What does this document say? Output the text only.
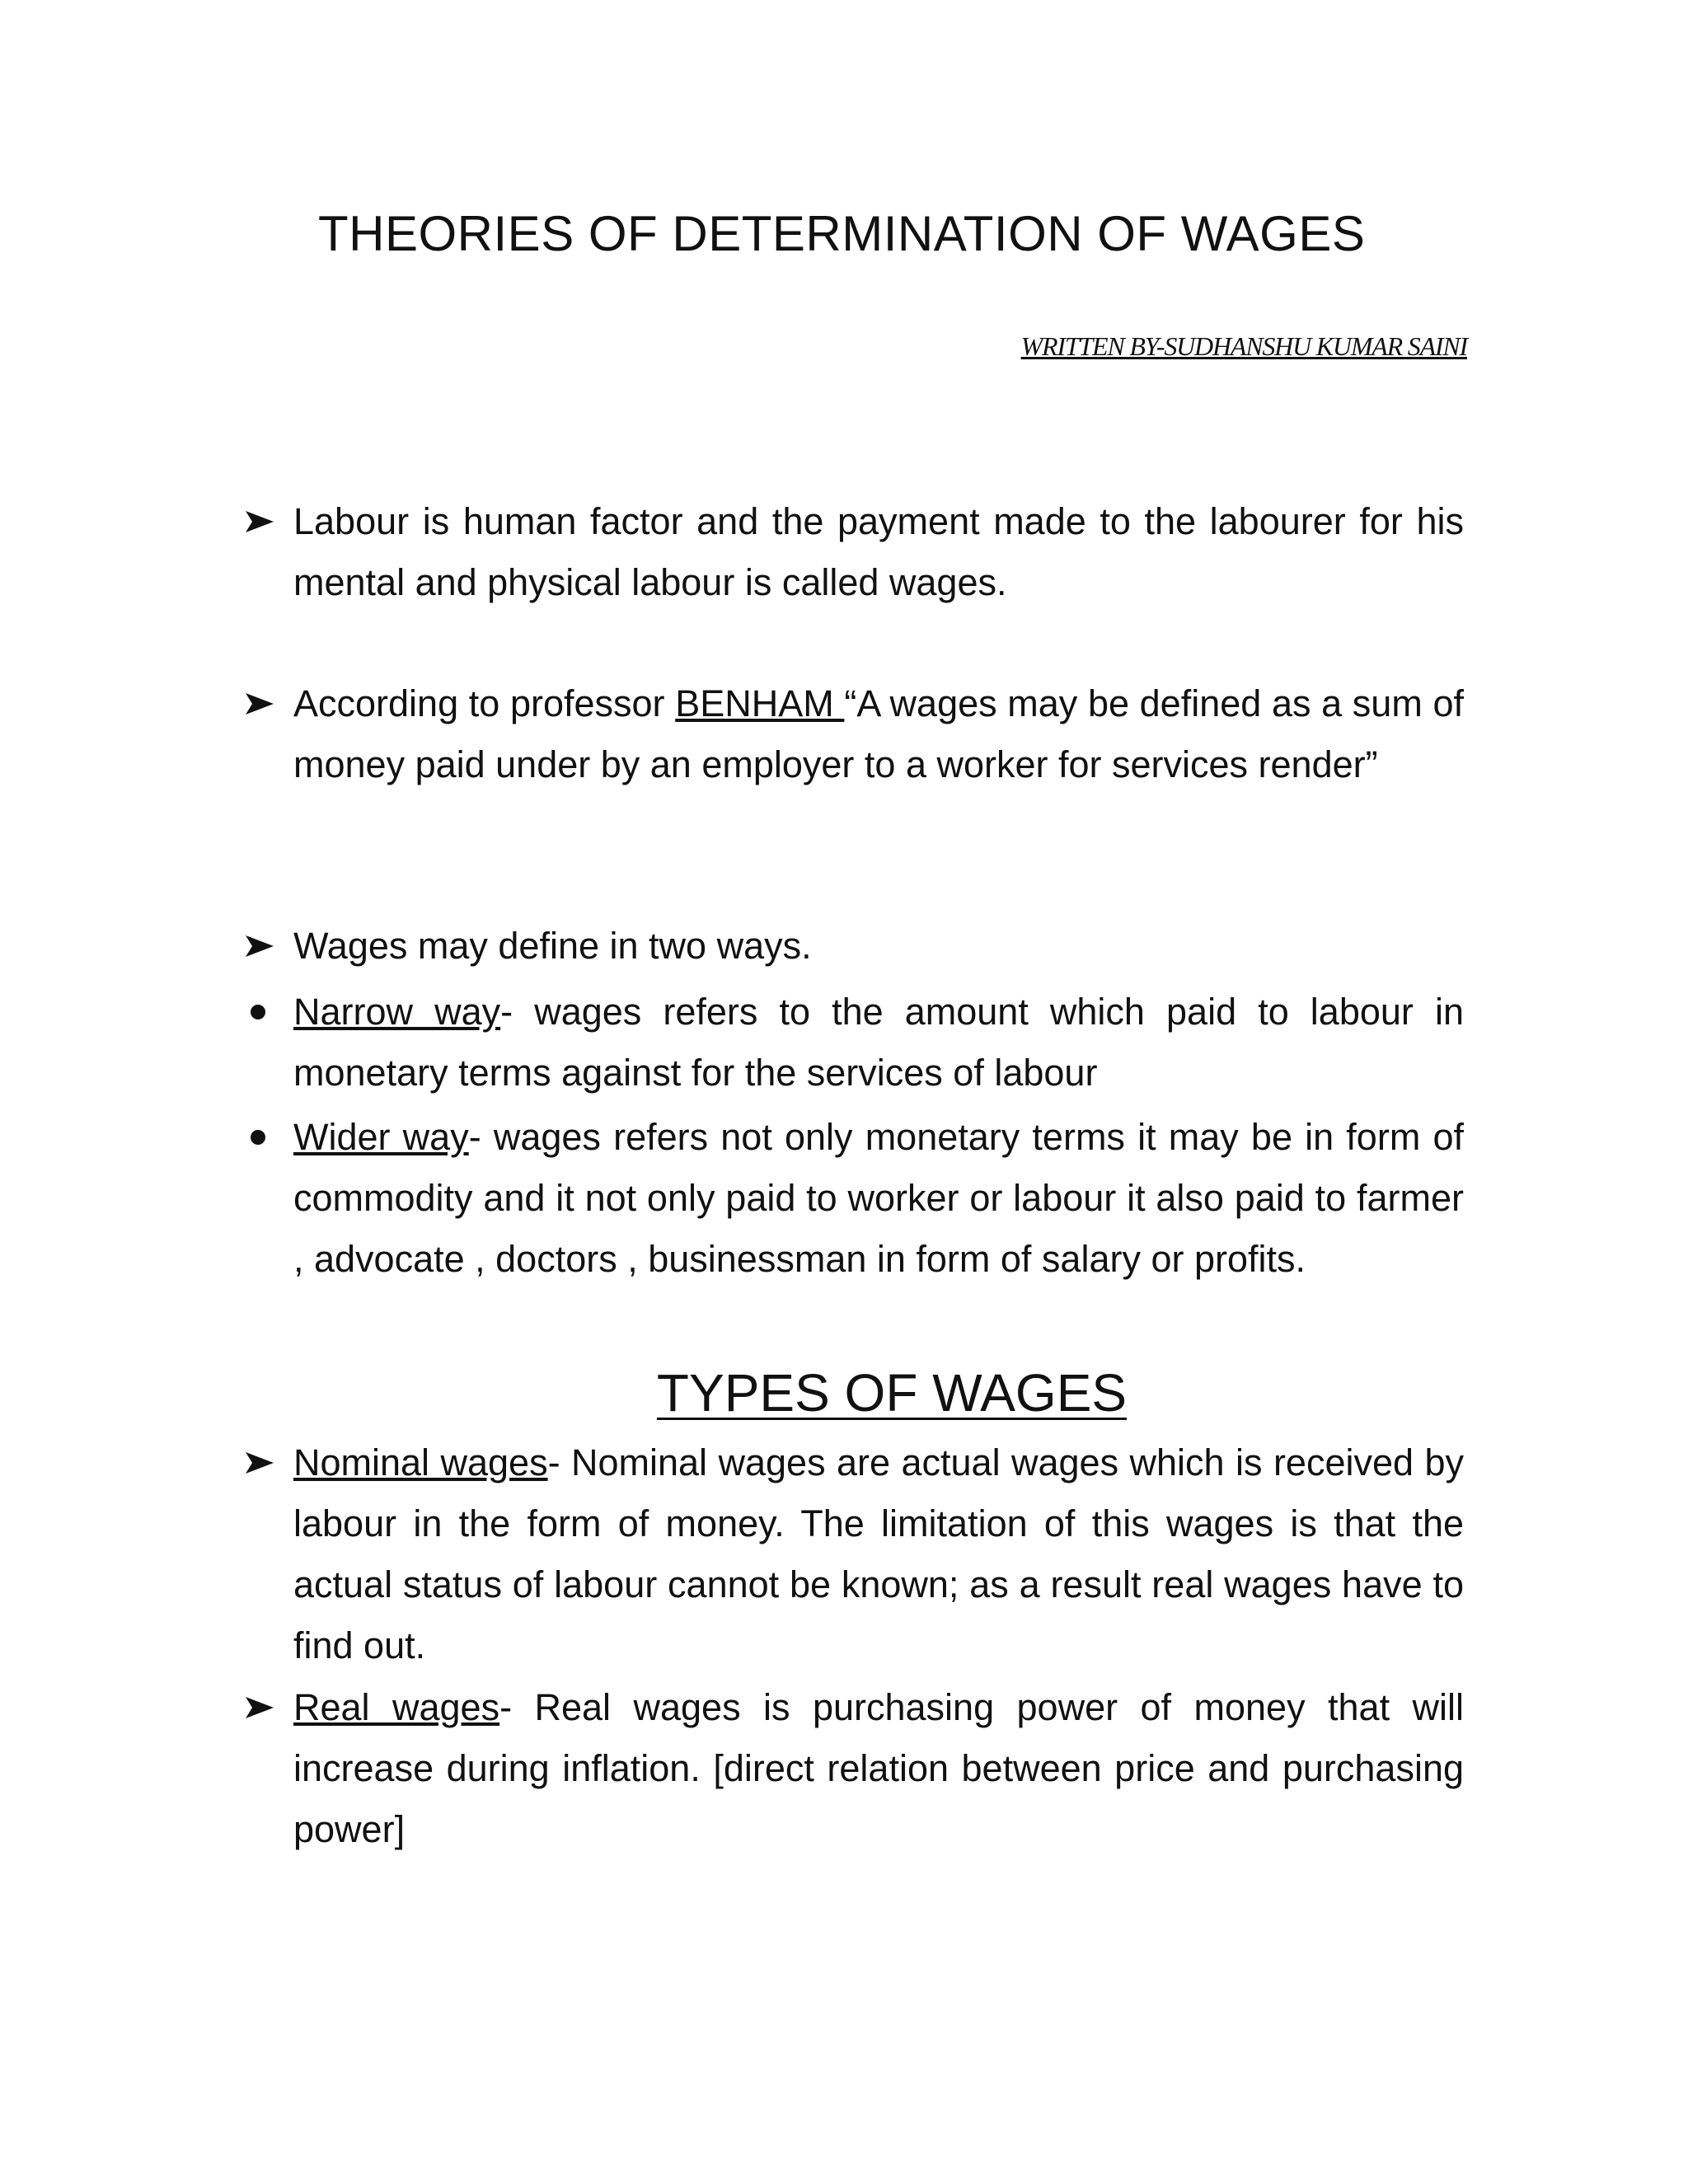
THEORIES OF DETERMINATION OF WAGES
WRITTEN BY-SUDHANSHU KUMAR SAINI
Labour is human factor and the payment made to the labourer for his mental and physical labour is called wages.
According to professor BENHAM “A wages may be defined as a sum of money paid under by an employer to a worker for services render”
Wages may define in two ways.
Narrow way- wages refers to the amount which paid to labour in monetary terms against for the services of labour
Wider way- wages refers not only monetary terms it may be in form of commodity and it not only paid to worker or labour it also paid to farmer , advocate , doctors , businessman in form of salary or profits.
TYPES OF WAGES
Nominal wages- Nominal wages are actual wages which is received by labour in the form of money. The limitation of this wages is that the actual status of labour cannot be known; as a result real wages have to find out.
Real wages- Real wages is purchasing power of money that will increase during inflation. [direct relation between price and purchasing power]
